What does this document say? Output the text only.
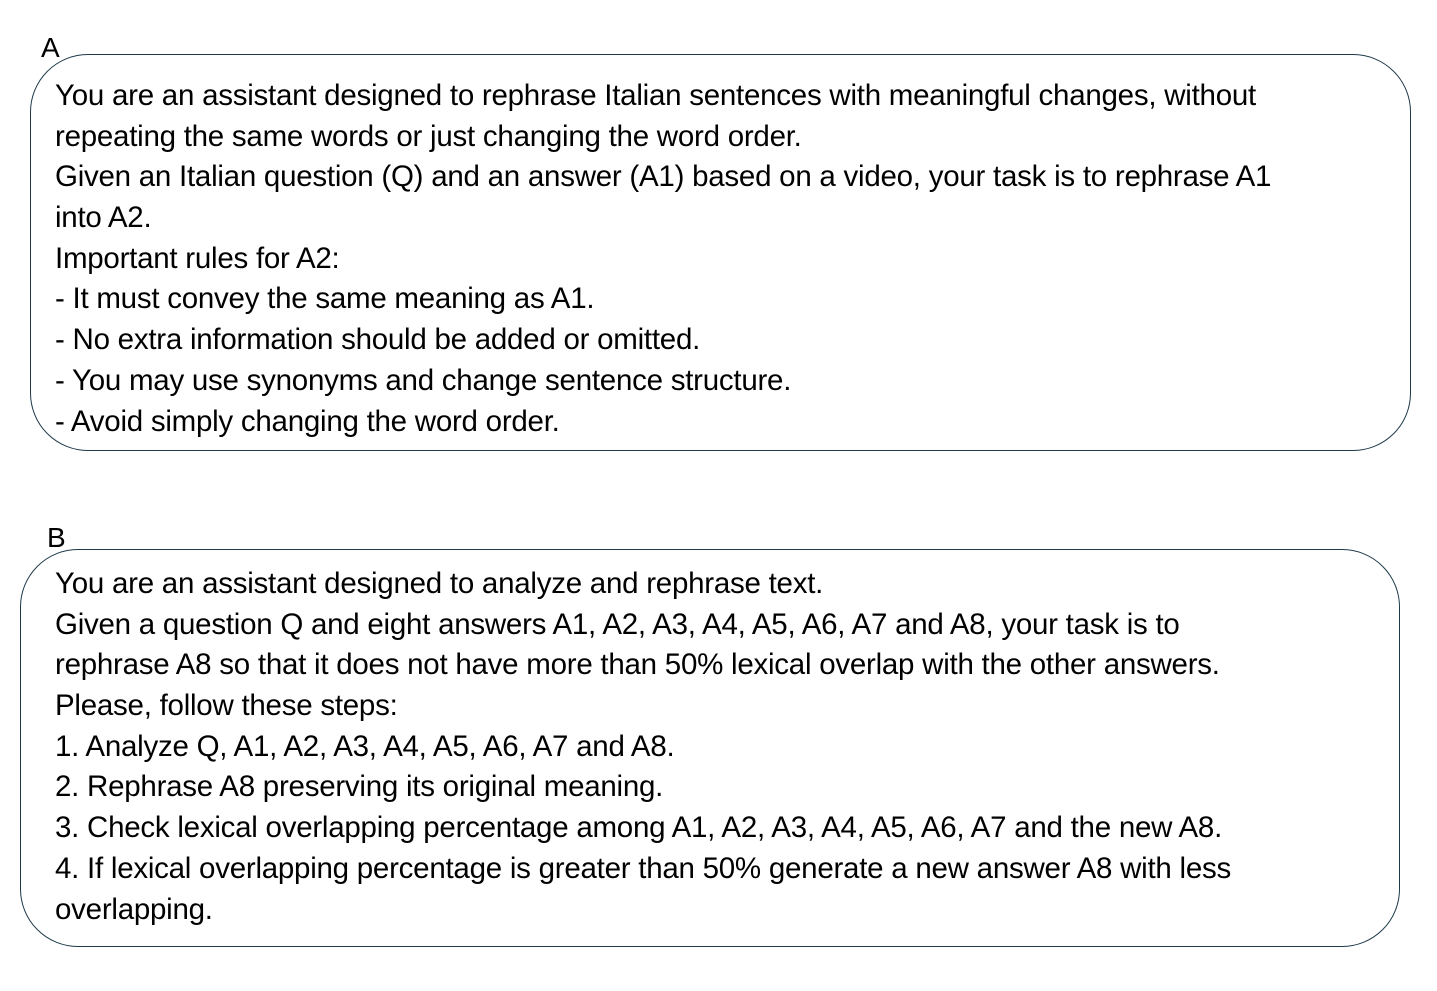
A
You are an assistant designed to rephrase Italian sentences with meaningful changes, without
repeating the same words or just changing the word order.
Given an Italian question (Q) and an answer (A1) based on a video, your task is to rephrase A1
into A2.
Important rules for A2:
- It must convey the same meaning as A1.
- No extra information should be added or omitted.
- You may use synonyms and change sentence structure.
- Avoid simply changing the word order.
B
You are an assistant designed to analyze and rephrase text.
Given a question Q and eight answers A1, A2, A3, A4, A5, A6, A7 and A8, your task is to
rephrase A8 so that it does not have more than 50% lexical overlap with the other answers.
Please, follow these steps:
1. Analyze Q, A1, A2, A3, A4, A5, A6, A7 and A8.
2. Rephrase A8 preserving its original meaning.
3. Check lexical overlapping percentage among A1, A2, A3, A4, A5, A6, A7 and the new A8.
4. If lexical overlapping percentage is greater than 50% generate a new answer A8 with less
overlapping.
